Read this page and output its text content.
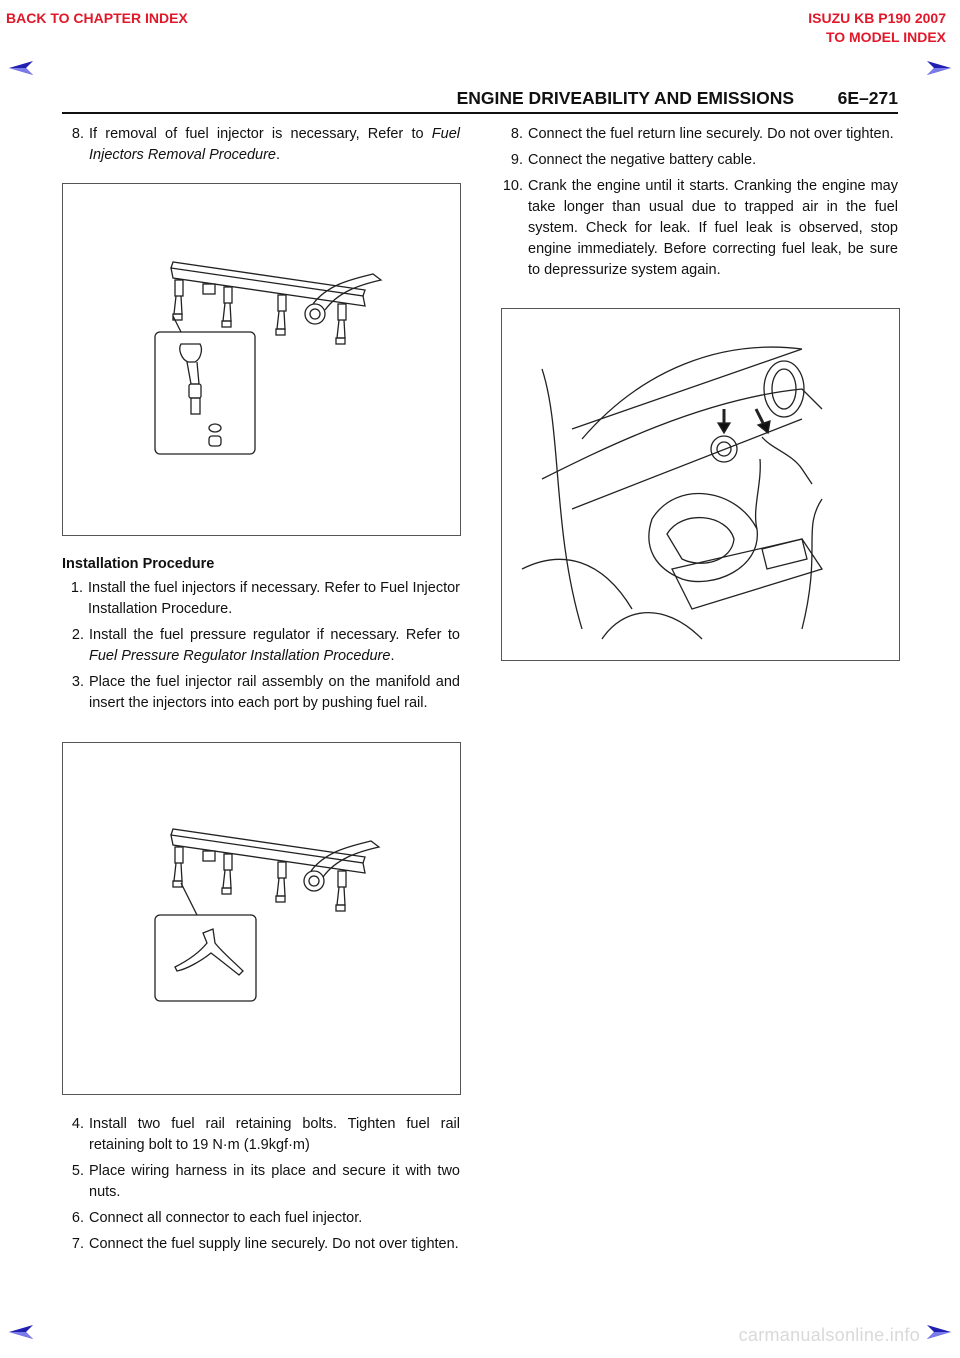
BACK TO CHAPTER INDEX	ISUZU KB P190 2007
TO MODEL INDEX
ENGINE DRIVEABILITY AND EMISSIONS 6E–271
8. If removal of fuel injector is necessary, Refer to Fuel Injectors Removal Procedure.
Installation Procedure
1. Install the fuel injectors if necessary. Refer to Fuel Injector Installation Procedure.
2. Install the fuel pressure regulator if necessary. Refer to Fuel Pressure Regulator Installation Procedure.
3. Place the fuel injector rail assembly on the manifold and insert the injectors into each port by pushing fuel rail.
4. Install two fuel rail retaining bolts. Tighten fuel rail retaining bolt to 19 N·m (1.9kgf·m)
5. Place wiring harness in its place and secure it with two nuts.
6. Connect all connector to each fuel injector.
7. Connect the fuel supply line securely. Do not over tighten.
8. Connect the fuel return line securely. Do not over tighten.
9. Connect the negative battery cable.
10. Crank the engine until it starts. Cranking the engine may take longer than usual due to trapped air in the fuel system. Check for leak. If fuel leak is observed, stop engine immediately. Before correcting fuel leak, be sure to depressurize system again.
carmanualsonline.info
